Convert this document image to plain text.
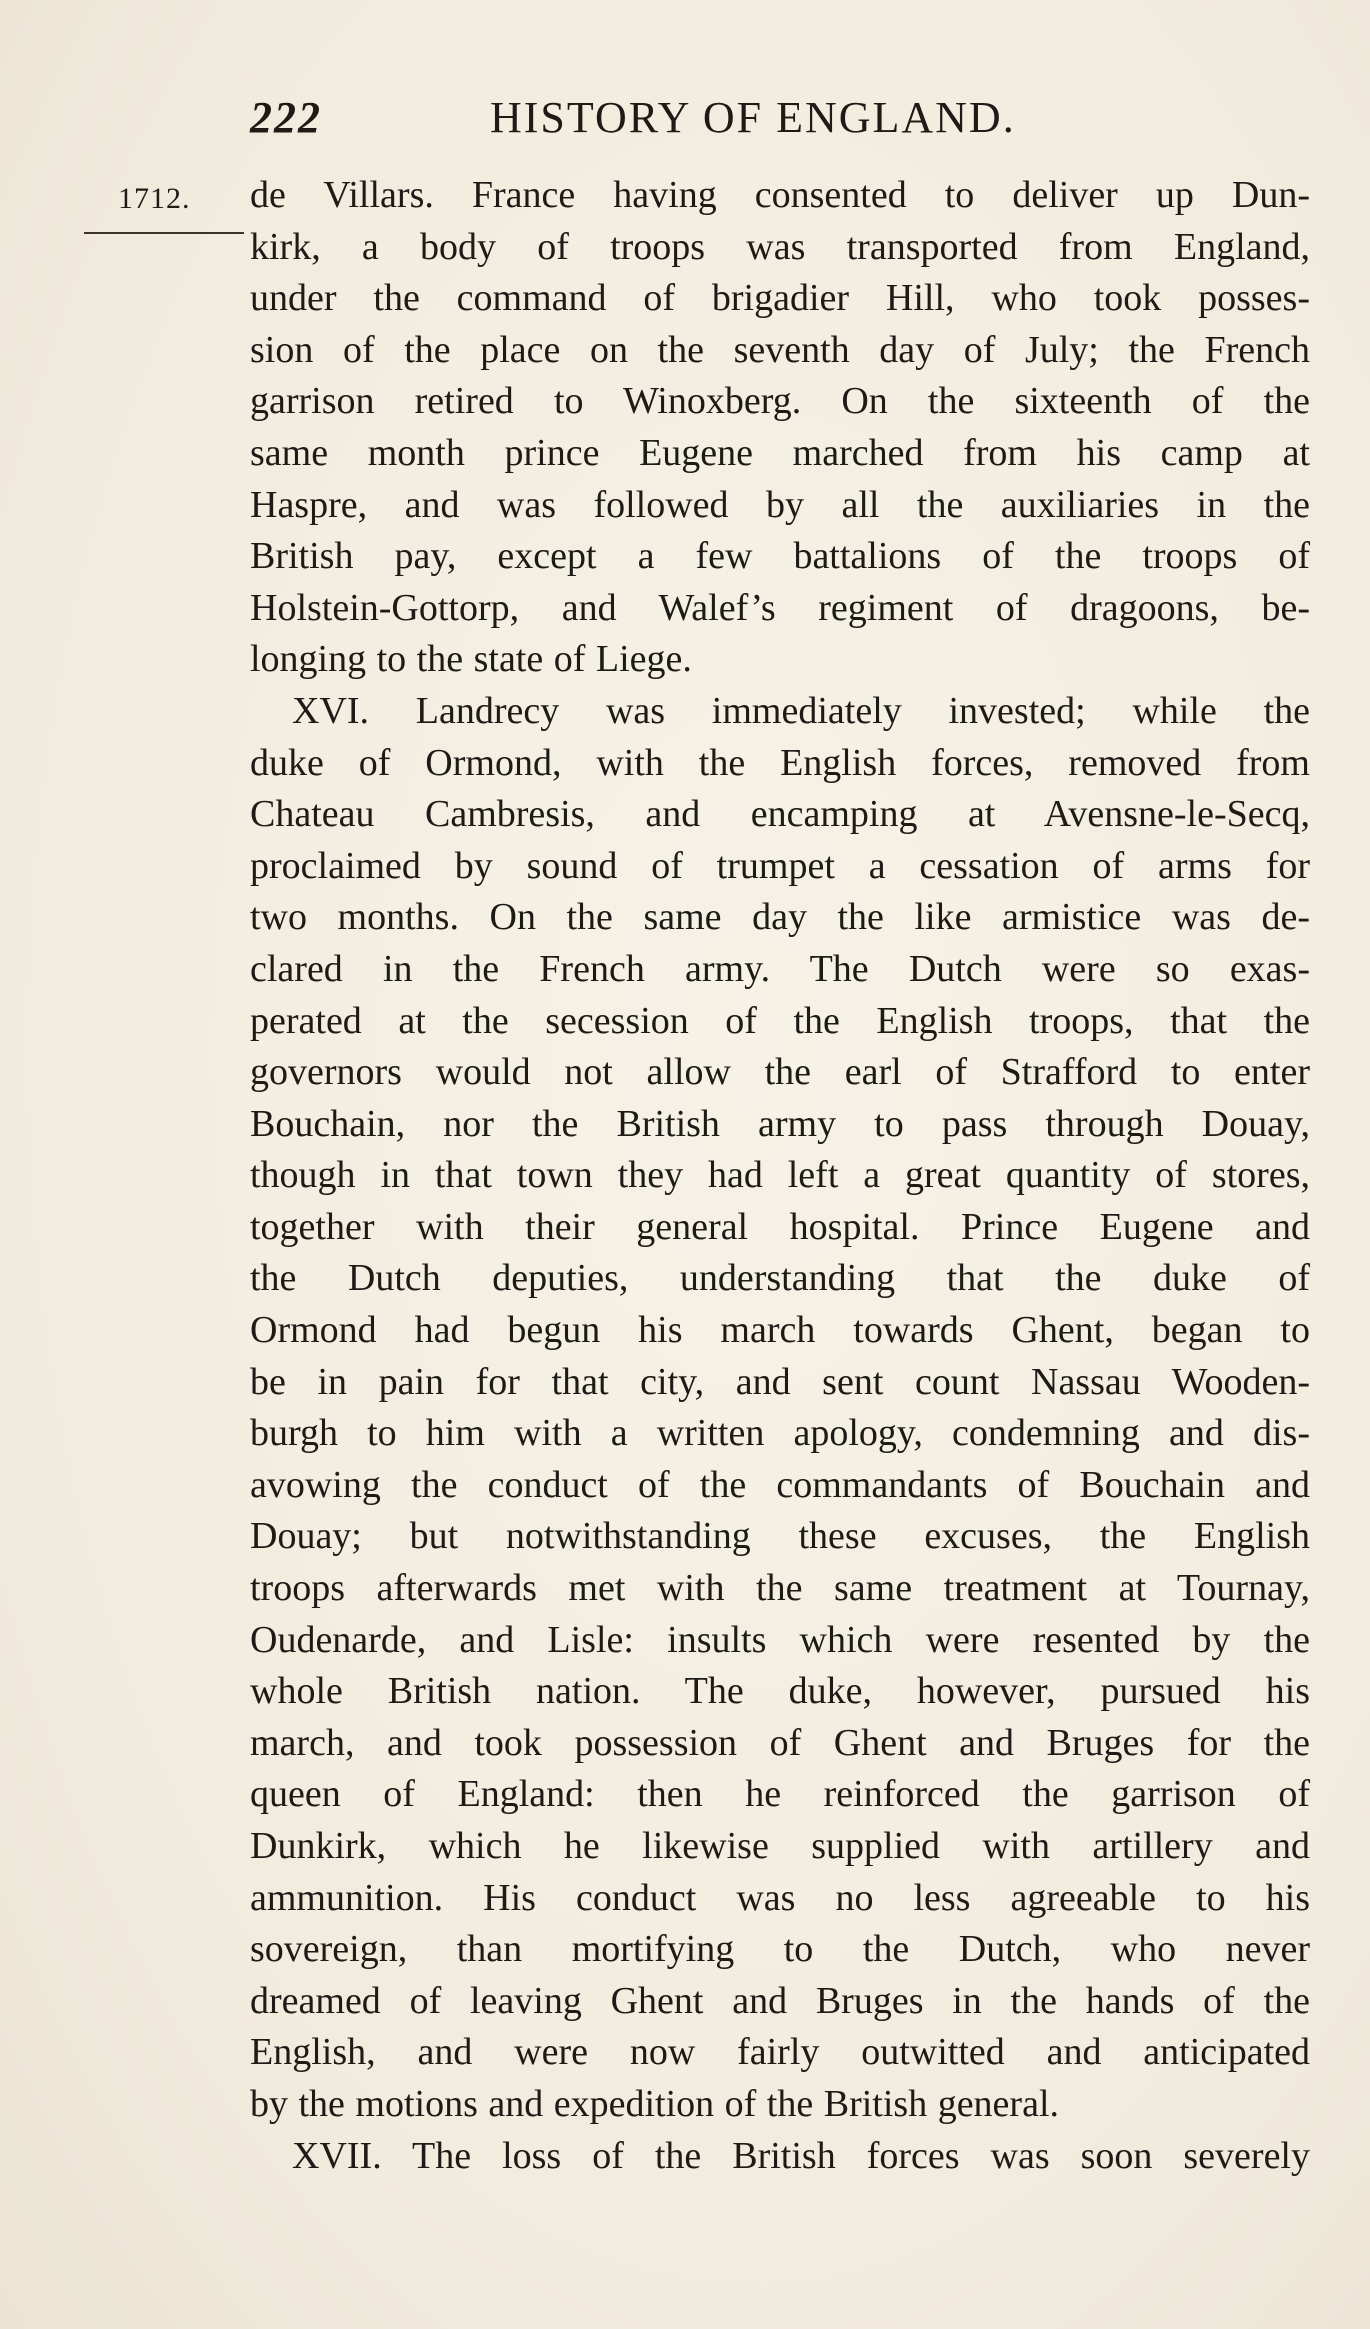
222	HISTORY OF ENGLAND.
1712. de Villars. France having consented to deliver up Dun-
kirk, a body of troops was transported from England,
under the command of brigadier Hill, who took posses-
sion of the place on the seventh day of July; the French
garrison retired to Winoxberg. On the sixteenth of the
same month prince Eugene marched from his camp at
Haspre, and was followed by all the auxiliaries in the
British pay, except a few battalions of the troops of
Holstein-Gottorp, and Walef’s regiment of dragoons, be-
longing to the state of Liege.
XVI. Landrecy was immediately invested; while the
duke of Ormond, with the English forces, removed from
Chateau Cambresis, and encamping at Avensne-le-Secq,
proclaimed by sound of trumpet a cessation of arms for
two months. On the same day the like armistice was de-
clared in the French army. The Dutch were so exas-
perated at the secession of the English troops, that the
governors would not allow the earl of Strafford to enter
Bouchain, nor the British army to pass through Douay,
though in that town they had left a great quantity of stores,
together with their general hospital. Prince Eugene and
the Dutch deputies, understanding that the duke of
Ormond had begun his march towards Ghent, began to
be in pain for that city, and sent count Nassau Wooden-
burgh to him with a written apology, condemning and dis-
avowing the conduct of the commandants of Bouchain and
Douay; but notwithstanding these excuses, the English
troops afterwards met with the same treatment at Tournay,
Oudenarde, and Lisle: insults which were resented by the
whole British nation. The duke, however, pursued his
march, and took possession of Ghent and Bruges for the
queen of England: then he reinforced the garrison of
Dunkirk, which he likewise supplied with artillery and
ammunition. His conduct was no less agreeable to his
sovereign, than mortifying to the Dutch, who never
dreamed of leaving Ghent and Bruges in the hands of the
English, and were now fairly outwitted and anticipated
by the motions and expedition of the British general.
XVII. The loss of the British forces was soon severely
